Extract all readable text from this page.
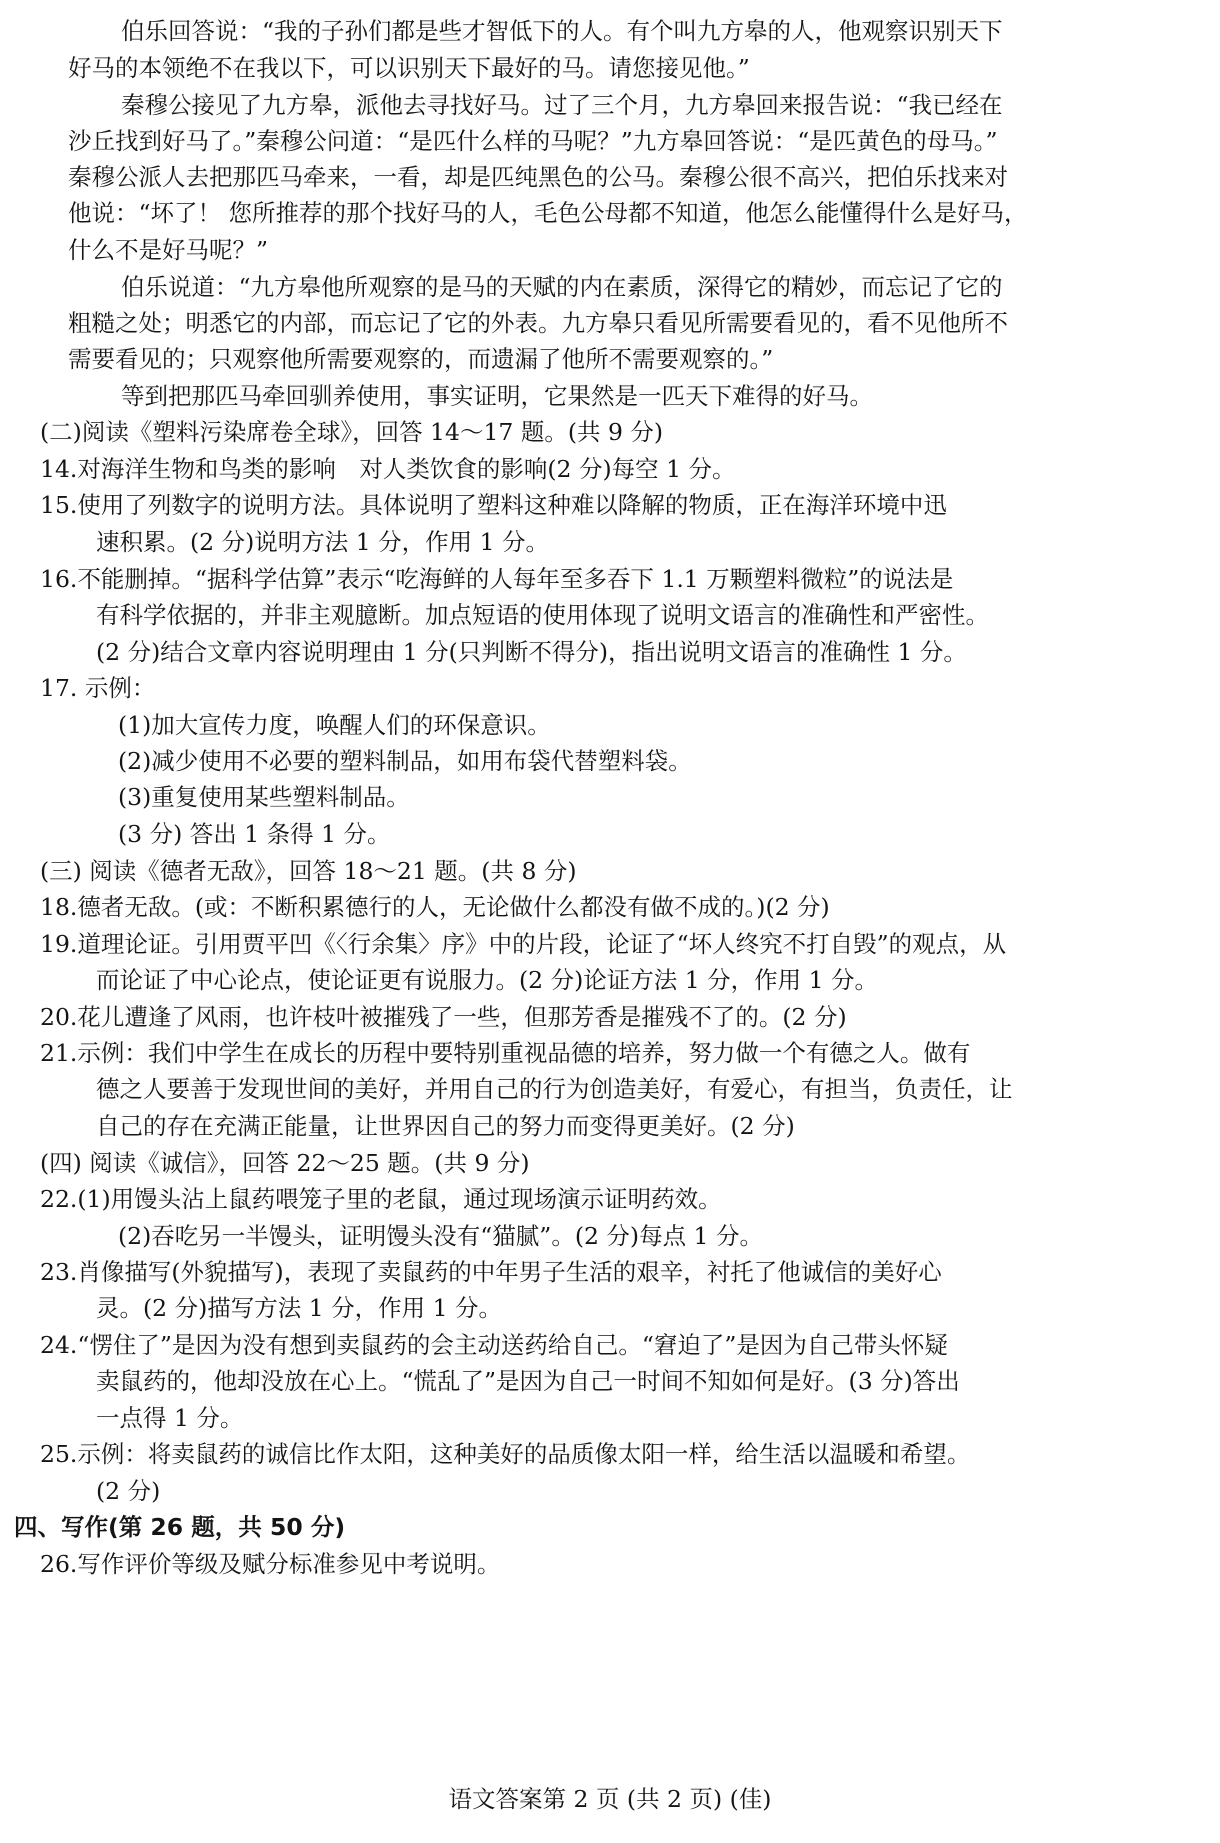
伯乐回答说：“我的子孙们都是些才智低下的人。有个叫九方皋的人，他观察识别天下
好马的本领绝不在我以下，可以识别天下最好的马。请您接见他。”
秦穆公接见了九方皋，派他去寻找好马。过了三个月，九方皋回来报告说：“我已经在
沙丘找到好马了。”秦穆公问道：“是匹什么样的马呢？”九方皋回答说：“是匹黄色的母马。”
秦穆公派人去把那匹马牵来，一看，却是匹纯黑色的公马。秦穆公很不高兴，把伯乐找来对
他说：“坏了！ 您所推荐的那个找好马的人，毛色公母都不知道，他怎么能懂得什么是好马，
什么不是好马呢？”
伯乐说道：“九方皋他所观察的是马的天赋的内在素质，深得它的精妙，而忘记了它的
粗糙之处；明悉它的内部，而忘记了它的外表。九方皋只看见所需要看见的，看不见他所不
需要看见的；只观察他所需要观察的，而遗漏了他所不需要观察的。”
等到把那匹马牵回驯养使用，事实证明，它果然是一匹天下难得的好马。
(二)阅读《塑料污染席卷全球》，回答 14～17 题。(共 9 分)
14.对海洋生物和鸟类的影响　对人类饮食的影响(2 分)每空 1 分。
15.使用了列数字的说明方法。具体说明了塑料这种难以降解的物质，正在海洋环境中迅
速积累。(2 分)说明方法 1 分，作用 1 分。
16.不能删掉。“据科学估算”表示“吃海鲜的人每年至多吞下 1.1 万颗塑料微粒”的说法是
有科学依据的，并非主观臆断。加点短语的使用体现了说明文语言的准确性和严密性。
(2 分)结合文章内容说明理由 1 分(只判断不得分)，指出说明文语言的准确性 1 分。
17. 示例：
(1)加大宣传力度，唤醒人们的环保意识。
(2)减少使用不必要的塑料制品，如用布袋代替塑料袋。
(3)重复使用某些塑料制品。
(3 分) 答出 1 条得 1 分。
(三) 阅读《德者无敌》，回答 18～21 题。(共 8 分)
18.德者无敌。(或：不断积累德行的人，无论做什么都没有做不成的。)(2 分)
19.道理论证。引用贾平凹《〈行余集〉序》中的片段，论证了“坏人终究不打自毁”的观点，从
而论证了中心论点，使论证更有说服力。(2 分)论证方法 1 分，作用 1 分。
20.花儿遭逢了风雨，也许枝叶被摧残了一些，但那芳香是摧残不了的。(2 分)
21.示例：我们中学生在成长的历程中要特别重视品德的培养，努力做一个有德之人。做有
德之人要善于发现世间的美好，并用自己的行为创造美好，有爱心，有担当，负责任，让
自己的存在充满正能量，让世界因自己的努力而变得更美好。(2 分)
(四) 阅读《诚信》，回答 22～25 题。(共 9 分)
22.(1)用馒头沾上鼠药喂笼子里的老鼠，通过现场演示证明药效。
(2)吞吃另一半馒头，证明馒头没有“猫腻”。(2 分)每点 1 分。
23.肖像描写(外貌描写)，表现了卖鼠药的中年男子生活的艰辛，衬托了他诚信的美好心
灵。(2 分)描写方法 1 分，作用 1 分。
24.“愣住了”是因为没有想到卖鼠药的会主动送药给自己。“窘迫了”是因为自己带头怀疑
卖鼠药的，他却没放在心上。“慌乱了”是因为自己一时间不知如何是好。(3 分)答出
一点得 1 分。
25.示例：将卖鼠药的诚信比作太阳，这种美好的品质像太阳一样，给生活以温暖和希望。
(2 分)
四、写作(第 26 题，共 50 分)
26.写作评价等级及赋分标准参见中考说明。
语文答案第 2 页 (共 2 页) (佳)
